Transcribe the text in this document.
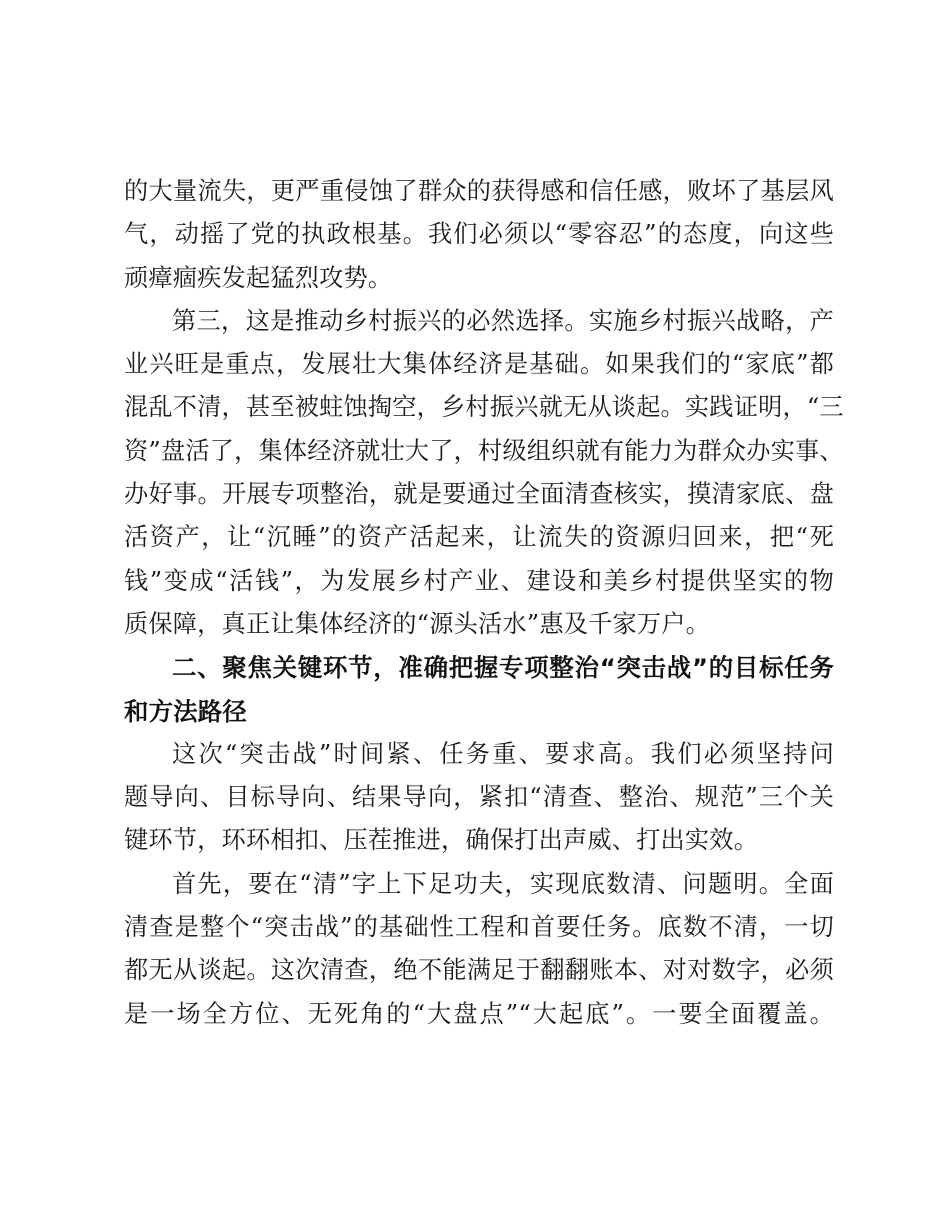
的大量流失，更严重侵蚀了群众的获得感和信任感，败坏了基层风
气，动摇了党的执政根基。我们必须以“零容忍”的态度，向这些
顽瘴痼疾发起猛烈攻势。
第三，这是推动乡村振兴的必然选择。实施乡村振兴战略，产
业兴旺是重点，发展壮大集体经济是基础。如果我们的“家底”都
混乱不清，甚至被蛀蚀掏空，乡村振兴就无从谈起。实践证明，“三
资”盘活了，集体经济就壮大了，村级组织就有能力为群众办实事、
办好事。开展专项整治，就是要通过全面清查核实，摸清家底、盘
活资产，让“沉睡”的资产活起来，让流失的资源归回来，把“死
钱”变成“活钱”，为发展乡村产业、建设和美乡村提供坚实的物
质保障，真正让集体经济的“源头活水”惠及千家万户。
二、聚焦关键环节，准确把握专项整治“突击战”的目标任务
和方法路径
这次“突击战”时间紧、任务重、要求高。我们必须坚持问
题导向、目标导向、结果导向，紧扣“清查、整治、规范”三个关
键环节，环环相扣、压茬推进，确保打出声威、打出实效。
首先，要在“清”字上下足功夫，实现底数清、问题明。全面
清查是整个“突击战”的基础性工程和首要任务。底数不清，一切
都无从谈起。这次清查，绝不能满足于翻翻账本、对对数字，必须
是一场全方位、无死角的“大盘点”“大起底”。一要全面覆盖。
